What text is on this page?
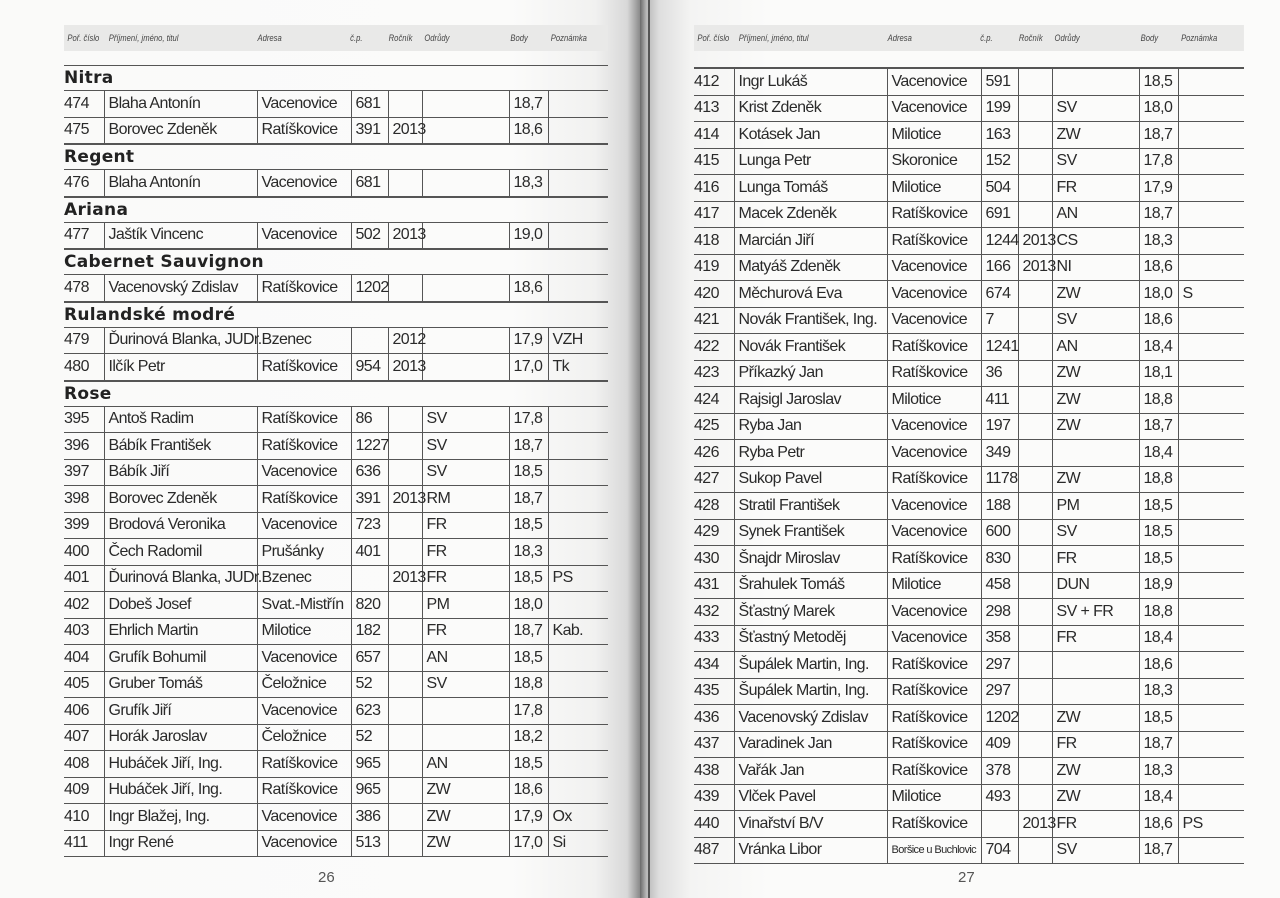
Poř. číslo	Příjmení, jméno, titul	Adresa	č.p.	Ročník	Odrůdy	Body	Poznámka
Nitra
474	Blaha Antonín	Vacenovice	681			18,7	
475	Borovec Zdeněk	Ratíškovice	391	2013		18,6	
Regent
476	Blaha Antonín	Vacenovice	681			18,3	
Ariana
477	Jaštík Vincenc	Vacenovice	502	2013		19,0	
Cabernet Sauvignon
478	Vacenovský Zdislav	Ratíškovice	1202			18,6	
Rulandské modré
479	Ďurinová Blanka, JUDr.	Bzenec		2012		17,9	VZH
480	Ilčík Petr	Ratíškovice	954	2013		17,0	Tk
Rose
395	Antoš Radim	Ratíškovice	86		SV	17,8	
396	Bábík František	Ratíškovice	1227		SV	18,7	
397	Bábík Jiří	Vacenovice	636		SV	18,5	
398	Borovec Zdeněk	Ratíškovice	391	2013	RM	18,7	
399	Brodová Veronika	Vacenovice	723		FR	18,5	
400	Čech Radomil	Prušánky	401		FR	18,3	
401	Ďurinová Blanka, JUDr.	Bzenec		2013	FR	18,5	PS
402	Dobeš Josef	Svat.-Mistřín	820		PM	18,0	
403	Ehrlich Martin	Milotice	182		FR	18,7	Kab.
404	Grufík Bohumil	Vacenovice	657		AN	18,5	
405	Gruber Tomáš	Čeložnice	52		SV	18,8	
406	Grufík Jiří	Vacenovice	623			17,8	
407	Horák Jaroslav	Čeložnice	52			18,2	
408	Hubáček Jiří, Ing.	Ratíškovice	965		AN	18,5	
409	Hubáček Jiří, Ing.	Ratíškovice	965		ZW	18,6	
410	Ingr Blažej, Ing.	Vacenovice	386		ZW	17,9	Ox
411	Ingr René	Vacenovice	513		ZW	17,0	Si
26
Poř. číslo	Příjmení, jméno, titul	Adresa	č.p.	Ročník	Odrůdy	Body	Poznámka
412	Ingr Lukáš	Vacenovice	591			18,5	
413	Krist Zdeněk	Vacenovice	199		SV	18,0	
414	Kotásek Jan	Milotice	163		ZW	18,7	
415	Lunga Petr	Skoronice	152		SV	17,8	
416	Lunga Tomáš	Milotice	504		FR	17,9	
417	Macek Zdeněk	Ratíškovice	691		AN	18,7	
418	Marcián Jiří	Ratíškovice	1244	2013	CS	18,3	
419	Matyáš Zdeněk	Vacenovice	166	2013	NI	18,6	
420	Měchurová Eva	Vacenovice	674		ZW	18,0	S
421	Novák František, Ing.	Vacenovice	7		SV	18,6	
422	Novák František	Ratíškovice	1241		AN	18,4	
423	Příkazký Jan	Ratíškovice	36		ZW	18,1	
424	Rajsigl Jaroslav	Milotice	411		ZW	18,8	
425	Ryba Jan	Vacenovice	197		ZW	18,7	
426	Ryba Petr	Vacenovice	349			18,4	
427	Sukop Pavel	Ratíškovice	1178		ZW	18,8	
428	Stratil František	Vacenovice	188		PM	18,5	
429	Synek František	Vacenovice	600		SV	18,5	
430	Šnajdr Miroslav	Ratíškovice	830		FR	18,5	
431	Šrahulek Tomáš	Milotice	458		DUN	18,9	
432	Šťastný Marek	Vacenovice	298		SV + FR	18,8	
433	Šťastný Metoděj	Vacenovice	358		FR	18,4	
434	Šupálek Martin, Ing.	Ratíškovice	297			18,6	
435	Šupálek Martin, Ing.	Ratíškovice	297			18,3	
436	Vacenovský Zdislav	Ratíškovice	1202		ZW	18,5	
437	Varadinek Jan	Ratíškovice	409		FR	18,7	
438	Vařák Jan	Ratíškovice	378		ZW	18,3	
439	Vlček Pavel	Milotice	493		ZW	18,4	
440	Vinařství B/V	Ratíškovice		2013	FR	18,6	PS
487	Vránka Libor	Boršice u Buchlovic	704		SV	18,7	
27
